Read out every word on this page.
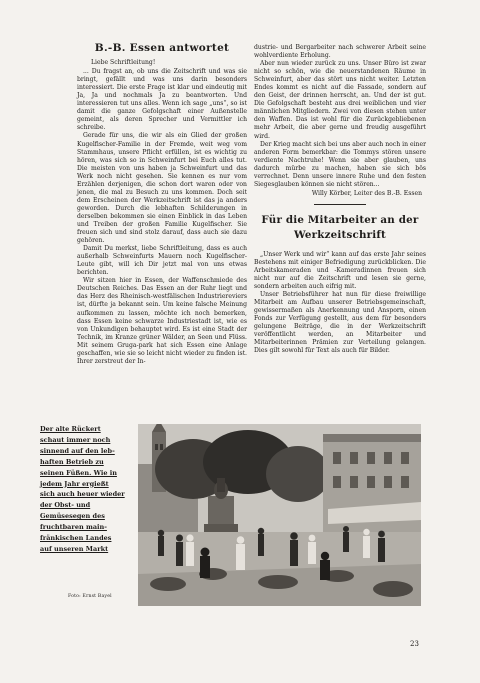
B.-B. Essen antwortet
Liebe Schriftleitung!

... Du fragst an, ob uns die Zeitschrift und was sie bringt, gefällt und was uns darin besonders interessiert. Die erste Frage ist klar und eindeutig mit Ja, Ja und nochmals Ja zu beantworten. Und interessieren tut uns alles. Wenn ich sage „uns“, so ist damit die ganze Gefolgschaft einer Außenstelle gemeint, als deren Sprecher und Vermittler ich schreibe.

Gerade für uns, die wir als ein Glied der großen Kugelfischer-Familie in der Fremde, weit weg vom Stammhaus, unsere Pflicht erfüllen, ist es wichtig zu hören, was sich so in Schweinfurt bei Euch alles tut. Die meisten von uns haben ja Schweinfurt und das Werk noch nicht gesehen. Sie kennen es nur vom Erzählen derjenigen, die schon dort waren oder von jenen, die mal zu Besuch zu uns kommen. Doch seit dem Erscheinen der Werkzeitschrift ist das ja anders geworden. Durch die lebhaften Schilderungen in derselben bekommen sie einen Einblick in das Leben und Treiben der großen Familie Kugelfischer. Sie freuen sich und sind stolz darauf, dass auch sie dazu gehören.

Damit Du merkst, liebe Schriftleitung, dass es auch außerhalb Schweinfurts Mauern noch Kugelfischer-Leute gibt, will ich Dir jetzt mal von uns etwas berichten.

Wir sitzen hier in Essen, der Waffenschmiede des Deutschen Reiches. Das Essen an der Ruhr liegt und das Herz des Rheinisch-westfälischen Industriereviers ist, dürfte ja bekannt sein. Um keine falsche Meinung aufkommen zu lassen, möchte ich noch bemerken, dass Essen keine schwarze Industriestadt ist, wie es von Unkundigen behauptet wird. Es ist eine Stadt der Technik, im Kranze grüner Wälder, an Seen und Flüss. Mit seinem Gruga-park hat sich Essen eine Anlage geschaffen, wie sie so leicht nicht wieder zu finden ist. Ihrer zerstreut der In-

dustrie- und Bergarbeiter nach schwerer Arbeit seine wohlverdiente Erholung.

Aber nun wieder zurück zu uns. Unser Büro ist zwar nicht so schön, wie die neuerstandenen Räume in Schweinfurt, aber das stört uns nicht weiter. Letzten Endes kommt es nicht auf die Fassade, sondern auf den Geist, der drinnen herrscht, an. Und der ist gut. Die Gefolgschaft besteht aus drei weiblichen und vier männlichen Mitgliedern. Zwei von diesen stehen unter den Waffen. Das ist wohl für die Zurückgebliebenen mehr Arbeit, die aber gerne und freudig ausgeführt wird.

Der Krieg macht sich bei uns aber auch noch in einer anderen Form bemerkbar: die Tommys stören unsere verdiente Nachtruhe! Wenn sie aber glauben, uns dadurch mürbe zu machen, haben sie sich bös verrechnet. Denn unsere innere Ruhe und den festen Siegesglauben können sie nicht stören...

Willy Körber, Leiter des B.-B. Essen
Für die Mitarbeiter an der Werkzeitschrift

„Unser Werk und wir“ kann auf das erste Jahr seines Bestehens mit einiger Befriedigung zurückblicken. Die Arbeitskameraden und -Kameradinnen freuen sich nicht nur auf die Zeitschrift und lesen sie gerne, sondern arbeiten auch eifrig mit.

Unser Betriebsführer hat nun für diese freiwillige Mitarbeit am Aufbau unserer Betriebsgemeinschaft, gewissermaßen als Anerkennung und Ansporn, einen Fonds zur Verfügung gestellt, aus dem für besonders gelungene Beiträge, die in der Werkzeitschrift veröffentlicht werden, an Mitarbeiter und Mitarbeiterinnen Prämien zur Verteilung gelangen. Dies gilt sowohl für Text als auch für Bilder.

Der alte Rückert
schaut immer noch
sinnend auf den leb-
haften Betrieb zu
seinen Füßen. Wie in
jedem Jahr ergießt
sich auch heuer wieder
der Obst- und
Gemüsesegen des
fruchtbaren main-
fränkischen Landes
auf unseren Markt
Foto: Ernst Bayel
23
